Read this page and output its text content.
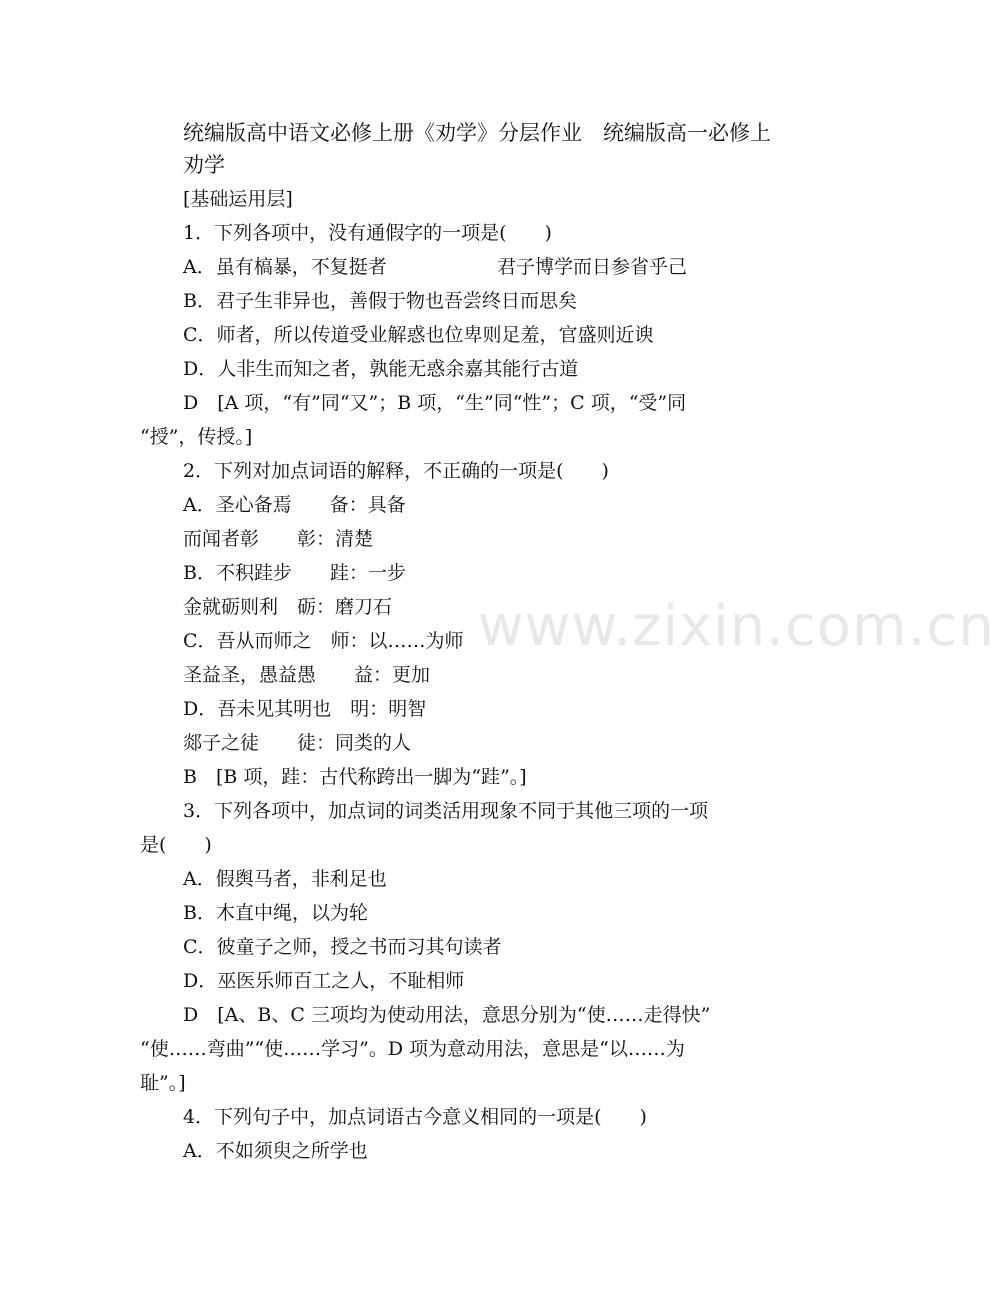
统编版高中语文必修上册《劝学》分层作业　统编版高一必修上
劝学
[基础运用层]
1．下列各项中，没有通假字的一项是(　　)
A．虽有槁暴，不复挺者	君子博学而日参省乎己
B．君子生非异也，善假于物也吾尝终日而思矣
C．师者，所以传道受业解惑也位卑则足羞，官盛则近谀
D．人非生而知之者，孰能无惑余嘉其能行古道
D　[A 项，“有”同“又”；B 项，“生”同“性”；C 项，“受”同
“授”，传授。]
2．下列对加点词语的解释，不正确的一项是(　　)
A．圣心备焉　　备：具备
而闻者彰　　彰：清楚
B．不积跬步　　跬：一步
金就砺则利　砺：磨刀石
C．吾从而师之　师：以……为师
圣益圣，愚益愚　　益：更加
D．吾未见其明也　明：明智
郯子之徒　　徒：同类的人
B　[B 项，跬：古代称跨出一脚为“跬”。]
3．下列各项中，加点词的词类活用现象不同于其他三项的一项
是(　　)
A．假舆马者，非利足也
B．木直中绳，以为轮
C．彼童子之师，授之书而习其句读者
D．巫医乐师百工之人，不耻相师
D　[A、B、C 三项均为使动用法，意思分别为“使……走得快”
“使……弯曲”“使……学习”。D 项为意动用法，意思是“以……为
耻”。]
4．下列句子中，加点词语古今意义相同的一项是(　　)
A．不如须臾之所学也
www.zixin.com.cn
